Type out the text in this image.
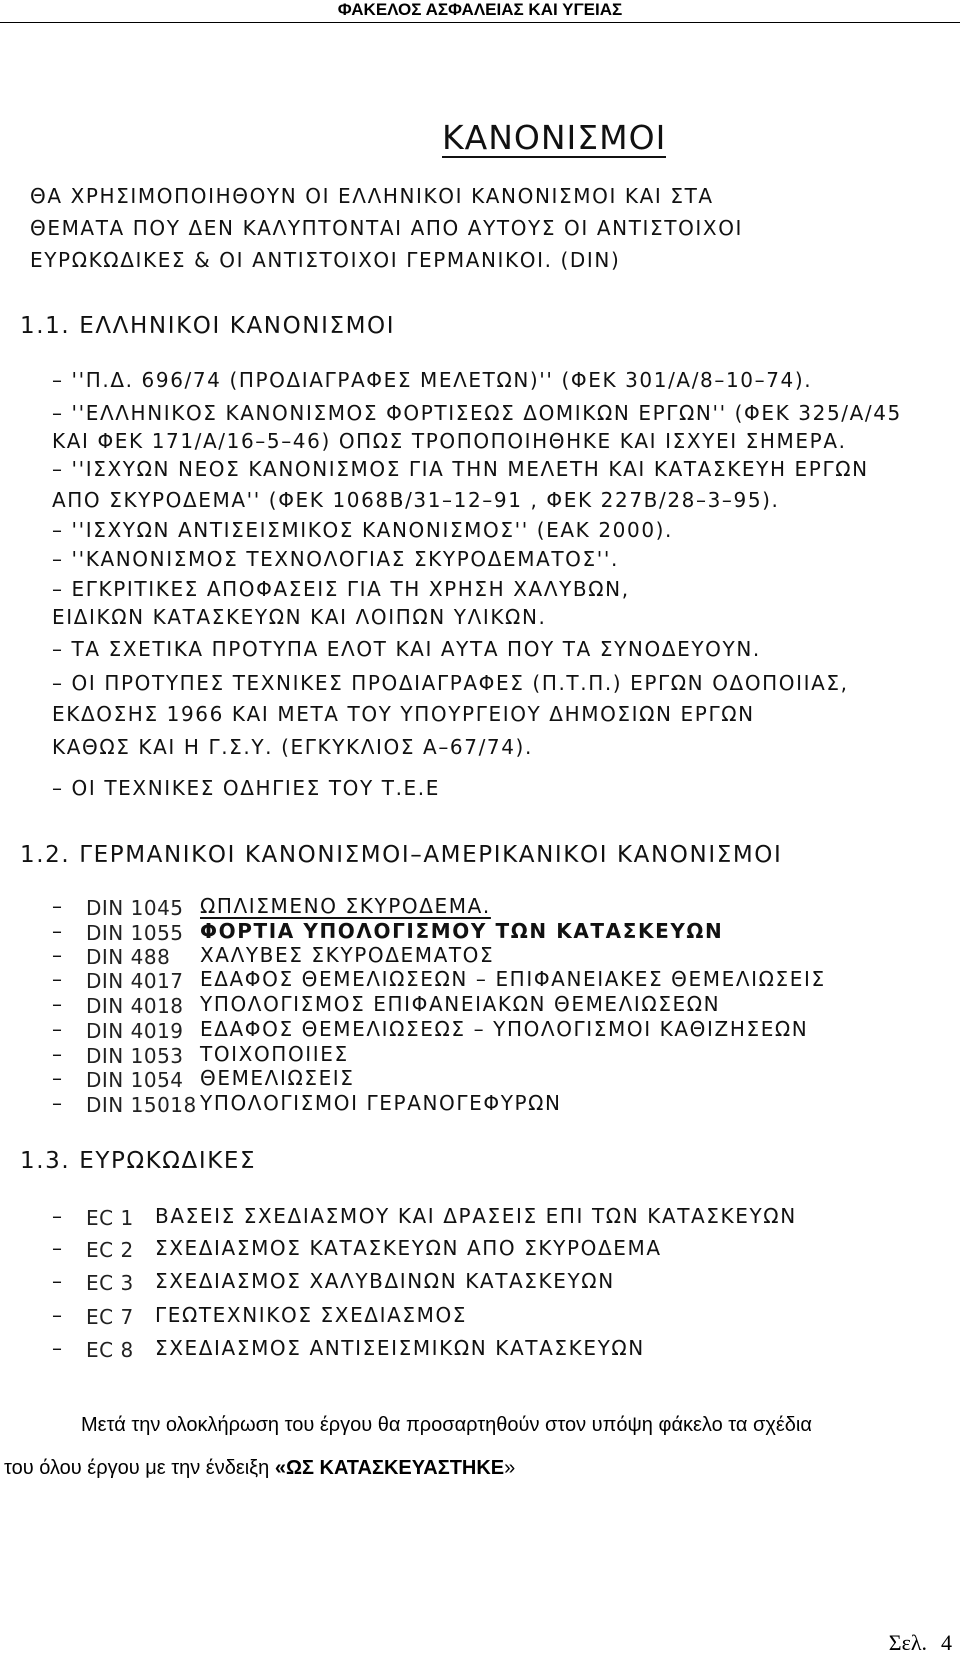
ΦΑΚΕΛΟΣ ΑΣΦΑΛΕΙΑΣ ΚΑΙ ΥΓΕΙΑΣ
ΚΑΝΟΝΙΣΜΟΙ
ΘΑ ΧΡΗΣΙΜΟΠΟΙΗΘΟΥΝ ΟΙ ΕΛΛΗΝΙΚΟΙ ΚΑΝΟΝΙΣΜΟΙ ΚΑΙ ΣΤΑ
ΘΕΜΑΤΑ ΠΟΥ ΔΕΝ ΚΑΛΥΠΤΟΝΤΑΙ ΑΠΟ ΑΥΤΟΥΣ ΟΙ ΑΝΤΙΣΤΟΙΧΟΙ
ΕΥΡΩΚΩΔΙΚΕΣ & ΟΙ ΑΝΤΙΣΤΟΙΧΟΙ ΓΕΡΜΑΝΙΚΟΙ. (DIN)
1.1. ΕΛΛΗΝΙΚΟΙ ΚΑΝΟΝΙΣΜΟΙ
– ''Π.Δ. 696/74 (ΠΡΟΔΙΑΓΡΑΦΕΣ ΜΕΛΕΤΩΝ)'' (ΦΕΚ 301/Α/8–10–74).
– ''ΕΛΛΗΝΙΚΟΣ ΚΑΝΟΝΙΣΜΟΣ ΦΟΡΤΙΣΕΩΣ ΔΟΜΙΚΩΝ ΕΡΓΩΝ'' (ΦΕΚ 325/Α/45
ΚΑΙ ΦΕΚ 171/Α/16–5–46) ΟΠΩΣ ΤΡΟΠΟΠΟΙΗΘΗΚΕ ΚΑΙ ΙΣΧΥΕΙ ΣΗΜΕΡΑ.
– ''ΙΣΧΥΩΝ ΝΕΟΣ ΚΑΝΟΝΙΣΜΟΣ ΓΙΑ ΤΗΝ ΜΕΛΕΤΗ ΚΑΙ ΚΑΤΑΣΚΕΥΗ ΕΡΓΩΝ
ΑΠΟ ΣΚΥΡΟΔΕΜΑ'' (ΦΕΚ 1068Β/31–12–91 , ΦΕΚ 227Β/28–3–95).
– ''ΙΣΧΥΩΝ ΑΝΤΙΣΕΙΣΜΙΚΟΣ ΚΑΝΟΝΙΣΜΟΣ'' (ΕΑΚ 2000).
– ''ΚΑΝΟΝΙΣΜΟΣ ΤΕΧΝΟΛΟΓΙΑΣ ΣΚΥΡΟΔΕΜΑΤΟΣ''.
– ΕΓΚΡΙΤΙΚΕΣ ΑΠΟΦΑΣΕΙΣ ΓΙΑ ΤΗ ΧΡΗΣΗ ΧΑΛΥΒΩΝ,
ΕΙΔΙΚΩΝ ΚΑΤΑΣΚΕΥΩΝ ΚΑΙ ΛΟΙΠΩΝ ΥΛΙΚΩΝ.
– ΤΑ ΣΧΕΤΙΚΑ ΠΡΟΤΥΠΑ ΕΛΟΤ ΚΑΙ ΑΥΤΑ ΠΟΥ ΤΑ ΣΥΝΟΔΕΥΟΥΝ.
– ΟΙ ΠΡΟΤΥΠΕΣ ΤΕΧΝΙΚΕΣ ΠΡΟΔΙΑΓΡΑΦΕΣ (Π.Τ.Π.) ΕΡΓΩΝ ΟΔΟΠΟΙΙΑΣ,
ΕΚΔΟΣΗΣ 1966 ΚΑΙ ΜΕΤΑ ΤΟΥ ΥΠΟΥΡΓΕΙΟΥ ΔΗΜΟΣΙΩΝ ΕΡΓΩΝ
ΚΑΘΩΣ ΚΑΙ Η Γ.Σ.Υ. (ΕΓΚΥΚΛΙΟΣ Α–67/74).
– ΟΙ ΤΕΧΝΙΚΕΣ ΟΔΗΓΙΕΣ ΤΟΥ Τ.Ε.Ε
1.2. ΓΕΡΜΑΝΙΚΟΙ ΚΑΝΟΝΙΣΜΟΙ–ΑΜΕΡΙΚΑΝΙΚΟΙ ΚΑΝΟΝΙΣΜΟΙ
–	DIN 1045 ΩΠΛΙΣΜΕΝΟ ΣΚΥΡΟΔΕΜΑ.
–	DIN 1055 ΦΟΡΤΙΑ ΥΠΟΛΟΓΙΣΜΟΥ ΤΩΝ ΚΑΤΑΣΚΕΥΩΝ
–	DIN 488 ΧΑΛΥΒΕΣ ΣΚΥΡΟΔΕΜΑΤΟΣ
–	DIN 4017 ΕΔΑΦΟΣ ΘΕΜΕΛΙΩΣΕΩΝ – ΕΠΙΦΑΝΕΙΑΚΕΣ ΘΕΜΕΛΙΩΣΕΙΣ
–	DIN 4018 ΥΠΟΛΟΓΙΣΜΟΣ ΕΠΙΦΑΝΕΙΑΚΩΝ ΘΕΜΕΛΙΩΣΕΩΝ
–	DIN 4019 ΕΔΑΦΟΣ ΘΕΜΕΛΙΩΣΕΩΣ – ΥΠΟΛΟΓΙΣΜΟΙ ΚΑΘΙΖΗΣΕΩΝ
–	DIN 1053 ΤΟΙΧΟΠΟΙΙΕΣ
–	DIN 1054 ΘΕΜΕΛΙΩΣΕΙΣ
–	DIN 15018 ΥΠΟΛΟΓΙΣΜΟΙ ΓΕΡΑΝΟΓΕΦΥΡΩΝ
1.3. ΕΥΡΩΚΩΔΙΚΕΣ
–	EC 1 ΒΑΣΕΙΣ ΣΧΕΔΙΑΣΜΟΥ ΚΑΙ ΔΡΑΣΕΙΣ ΕΠΙ ΤΩΝ ΚΑΤΑΣΚΕΥΩΝ
–	EC 2 ΣΧΕΔΙΑΣΜΟΣ ΚΑΤΑΣΚΕΥΩΝ ΑΠΟ ΣΚΥΡΟΔΕΜΑ
–	EC 3 ΣΧΕΔΙΑΣΜΟΣ ΧΑΛΥΒΔΙΝΩΝ ΚΑΤΑΣΚΕΥΩΝ
–	EC 7 ΓΕΩΤΕΧΝΙΚΟΣ ΣΧΕΔΙΑΣΜΟΣ
–	EC 8 ΣΧΕΔΙΑΣΜΟΣ ΑΝΤΙΣΕΙΣΜΙΚΩΝ ΚΑΤΑΣΚΕΥΩΝ
Μετά την ολοκλήρωση του έργου θα προσαρτηθούν στον υπόψη φάκελο τα σχέδια
του όλου έργου με την ένδειξη «ΩΣ ΚΑΤΑΣΚΕΥΑΣΤΗΚΕ»
Σελ. 4
